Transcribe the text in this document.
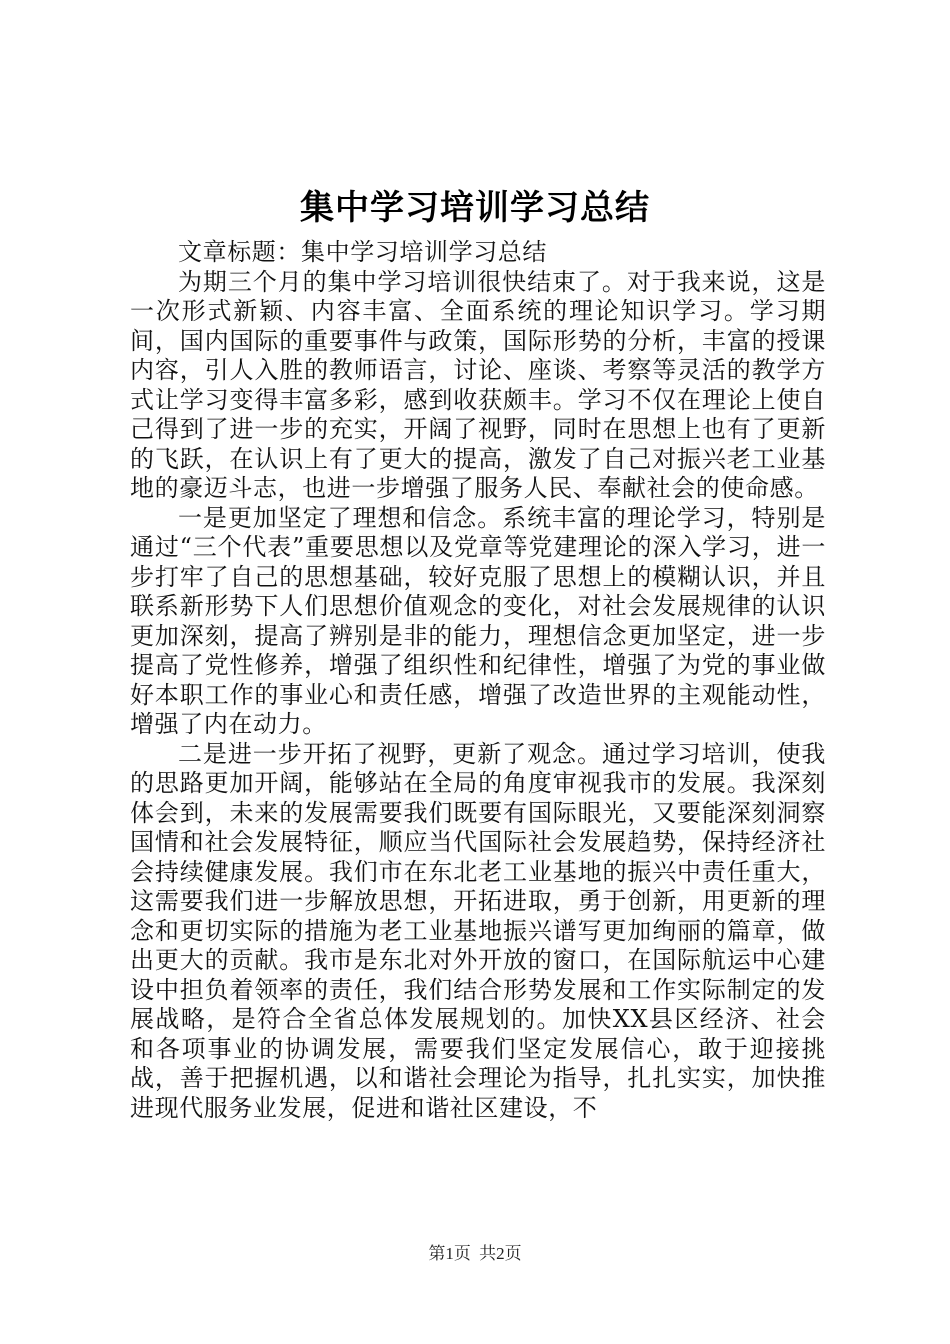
集中学习培训学习总结

文章标题：集中学习培训学习总结

为期三个月的集中学习培训很快结束了。对于我来说，这是一次形式新颖、内容丰富、全面系统的理论知识学习。学习期间，国内国际的重要事件与政策，国际形势的分析，丰富的授课内容，引人入胜的教师语言，讨论、座谈、考察等灵活的教学方式让学习变得丰富多彩，感到收获颇丰。学习不仅在理论上使自己得到了进一步的充实，开阔了视野，同时在思想上也有了更新的飞跃，在认识上有了更大的提高，激发了自己对振兴老工业基地的豪迈斗志，也进一步增强了服务人民、奉献社会的使命感。

一是更加坚定了理想和信念。系统丰富的理论学习，特别是通过“三个代表”重要思想以及党章等党建理论的深入学习，进一步打牢了自己的思想基础，较好克服了思想上的模糊认识，并且联系新形势下人们思想价值观念的变化，对社会发展规律的认识更加深刻，提高了辨别是非的能力，理想信念更加坚定，进一步提高了党性修养，增强了组织性和纪律性，增强了为党的事业做好本职工作的事业心和责任感，增强了改造世界的主观能动性，增强了内在动力。

二是进一步开拓了视野，更新了观念。通过学习培训，使我的思路更加开阔，能够站在全局的角度审视我市的发展。我深刻体会到，未来的发展需要我们既要有国际眼光，又要能深刻洞察国情和社会发展特征，顺应当代国际社会发展趋势，保持经济社会持续健康发展。我们市在东北老工业基地的振兴中责任重大，这需要我们进一步解放思想，开拓进取，勇于创新，用更新的理念和更切实际的措施为老工业基地振兴谱写更加绚丽的篇章，做出更大的贡献。我市是东北对外开放的窗口，在国际航运中心建设中担负着领率的责任，我们结合形势发展和工作实际制定的发展战略，是符合全省总体发展规划的。加快XX县区经济、社会和各项事业的协调发展，需要我们坚定发展信心，敢于迎接挑战，善于把握机遇，以和谐社会理论为指导，扎扎实实，加快推进现代服务业发展，促进和谐社区建设，不

第1页 共2页
